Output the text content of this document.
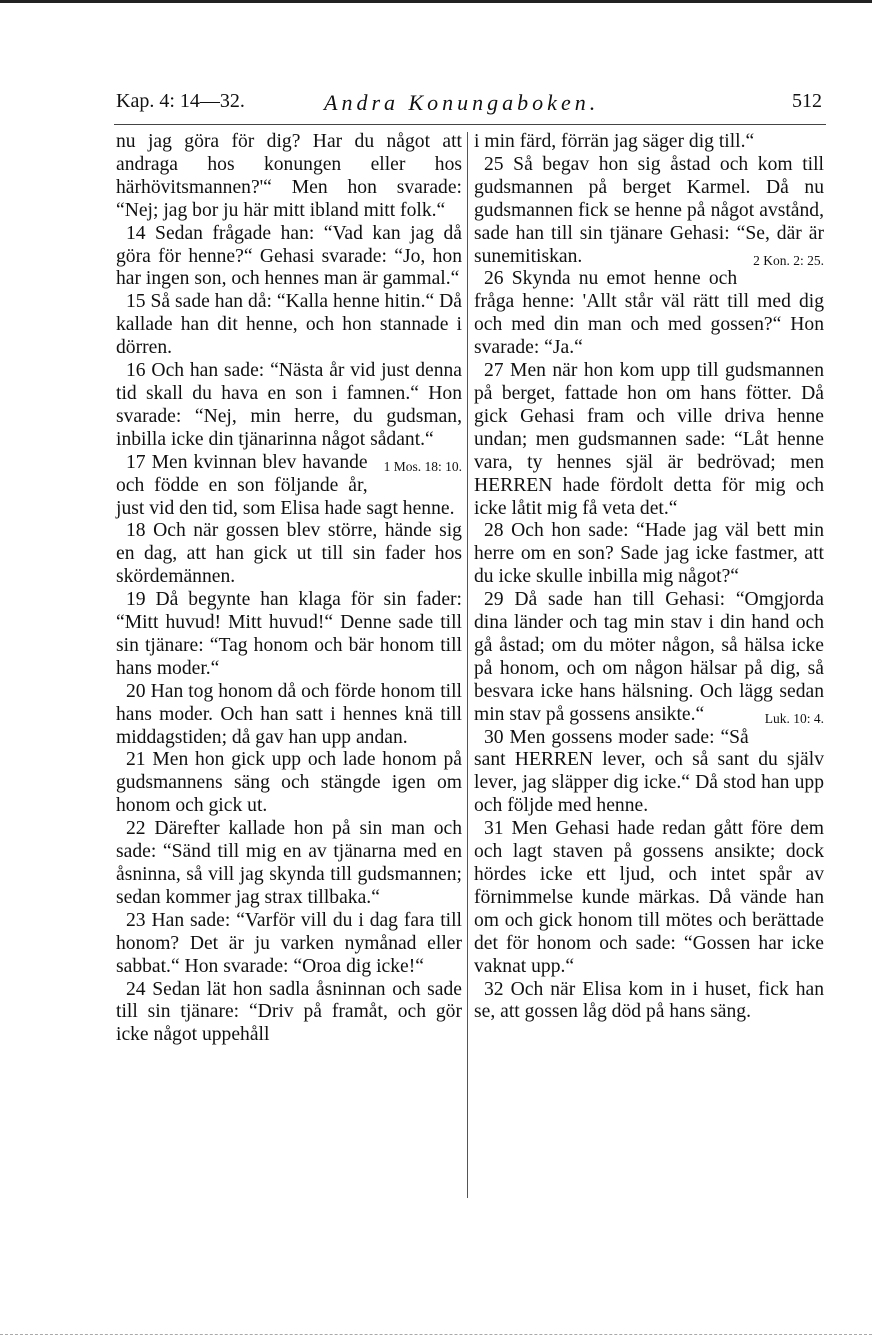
Kap. 4: 14—32.	Andra Konungaboken.	512

nu jag göra för dig? Har du något att andraga hos konungen eller hos härhövitsmannen?'“ Men hon svarade: “Nej; jag bor ju här mitt ibland mitt folk.“

14 Sedan frågade han: “Vad kan jag då göra för henne?“ Gehasi svarade: “Jo, hon har ingen son, och hennes man är gammal.“

15 Så sade han då: “Kalla henne hitin.“ Då kallade han dit henne, och hon stannade i dörren.

16 Och han sade: “Nästa år vid just denna tid skall du hava en son i famnen.“ Hon svarade: “Nej, min herre, du gudsman, inbilla icke din tjänarinna något sådant.“
1 Mos. 18: 10.

17 Men kvinnan blev havande och födde en son följande år, just vid den tid, som Elisa hade sagt henne.

18 Och när gossen blev större, hände sig en dag, att han gick ut till sin fader hos skördemännen.

19 Då begynte han klaga för sin fader: “Mitt huvud! Mitt huvud!“ Denne sade till sin tjänare: “Tag honom och bär honom till hans moder.“

20 Han tog honom då och förde honom till hans moder. Och han satt i hennes knä till middagstiden; då gav han upp andan.

21 Men hon gick upp och lade honom på gudsmannens säng och stängde igen om honom och gick ut.

22 Därefter kallade hon på sin man och sade: “Sänd till mig en av tjänarna med en åsninna, så vill jag skynda till gudsmannen; sedan kommer jag strax tillbaka.“

23 Han sade: “Varför vill du i dag fara till honom? Det är ju varken nymånad eller sabbat.“ Hon svarade: “Oroa dig icke!“

24 Sedan lät hon sadla åsninnan och sade till sin tjänare: “Driv på framåt, och gör icke något uppehåll

i min färd, förrän jag säger dig till.“

25 Så begav hon sig åstad och kom till gudsmannen på berget Karmel. Då nu gudsmannen fick se henne på något avstånd, sade han till sin tjänare Gehasi: “Se, där är sunemitiskan.	2 Kon. 2: 25.

26 Skynda nu emot henne och fråga henne: 'Allt står väl rätt till med dig och med din man och med gossen?“ Hon svarade: “Ja.“

27 Men när hon kom upp till gudsmannen på berget, fattade hon om hans fötter. Då gick Gehasi fram och ville driva henne undan; men gudsmannen sade: “Låt henne vara, ty hennes själ är bedrövad; men HERREN hade fördolt detta för mig och icke låtit mig få veta det.“

28 Och hon sade: “Hade jag väl bett min herre om en son? Sade jag icke fastmer, att du icke skulle inbilla mig något?“

29 Då sade han till Gehasi: “Omgjorda dina länder och tag min stav i din hand och gå åstad; om du möter någon, så hälsa icke på honom, och om någon hälsar på dig, så besvara icke hans hälsning. Och lägg sedan min stav på gossens ansikte.“	Luk. 10: 4.

30 Men gossens moder sade: “Så sant HERREN lever, och så sant du själv lever, jag släpper dig icke.“ Då stod han upp och följde med henne.

31 Men Gehasi hade redan gått före dem och lagt staven på gossens ansikte; dock hördes icke ett ljud, och intet spår av förnimmelse kunde märkas. Då vände han om och gick honom till mötes och berättade det för honom och sade: “Gossen har icke vaknat upp.“

32 Och när Elisa kom in i huset, fick han se, att gossen låg död på hans säng.
